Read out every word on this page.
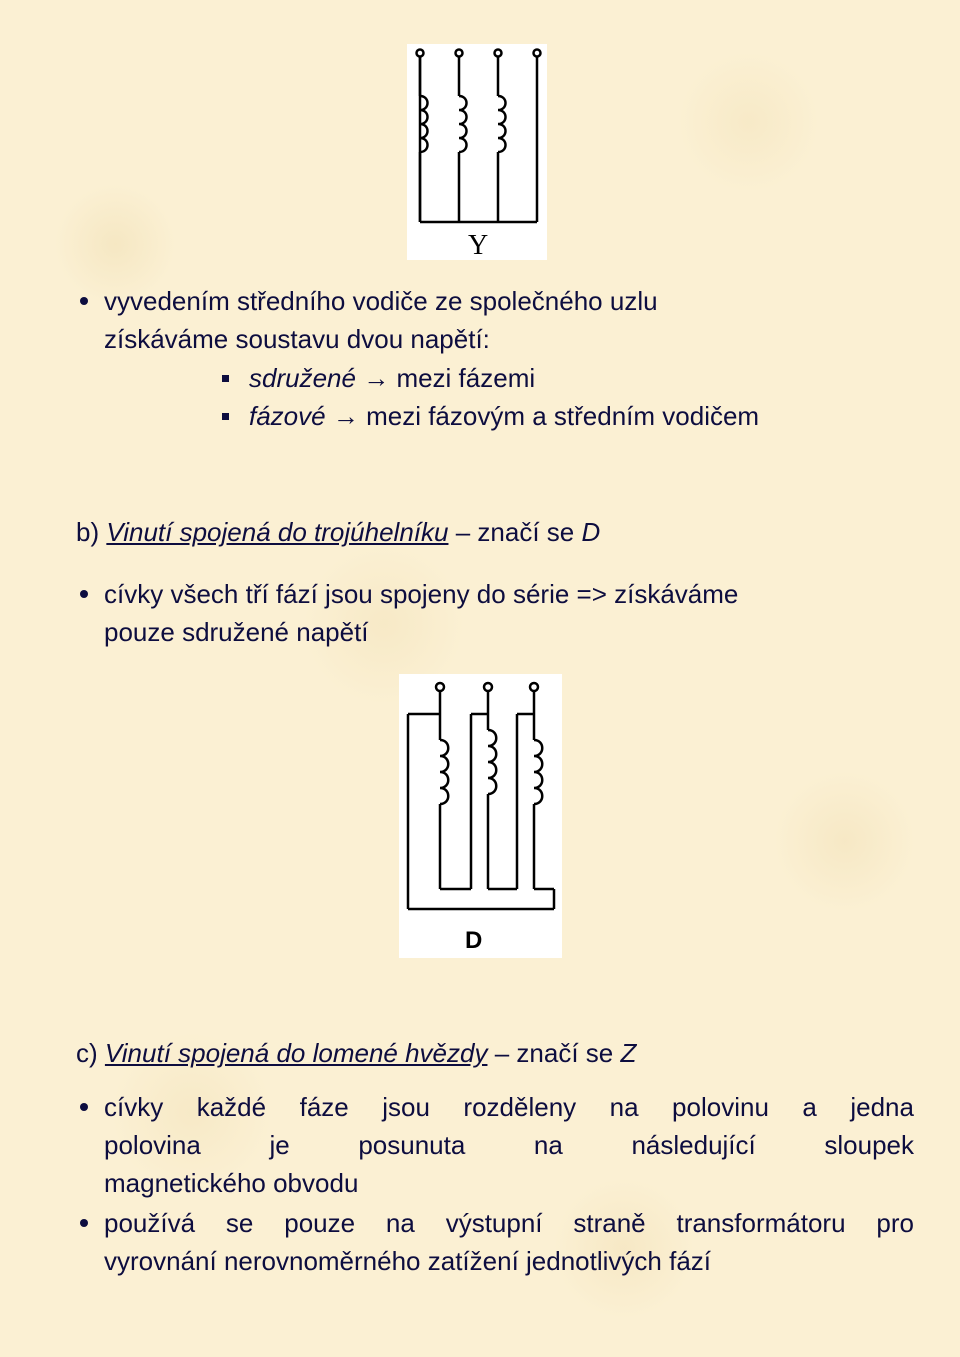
Y
vyvedením středního vodiče ze společného uzlu
získáváme soustavu dvou napětí:
sdružené → mezi fázemi
fázové → mezi fázovým a středním vodičem
b) Vinutí spojená do trojúhelníku – značí se D
cívky všech tří fází jsou spojeny do série => získáváme
pouze sdružené napětí
D
c) Vinutí spojená do lomené hvězdy – značí se Z
cívky každé fáze jsou rozděleny na polovinu a jedna
polovina	je	posunuta	na	následující	sloupek
magnetického obvodu
používá se pouze na výstupní straně transformátoru pro
vyrovnání nerovnoměrného zatížení jednotlivých fází
